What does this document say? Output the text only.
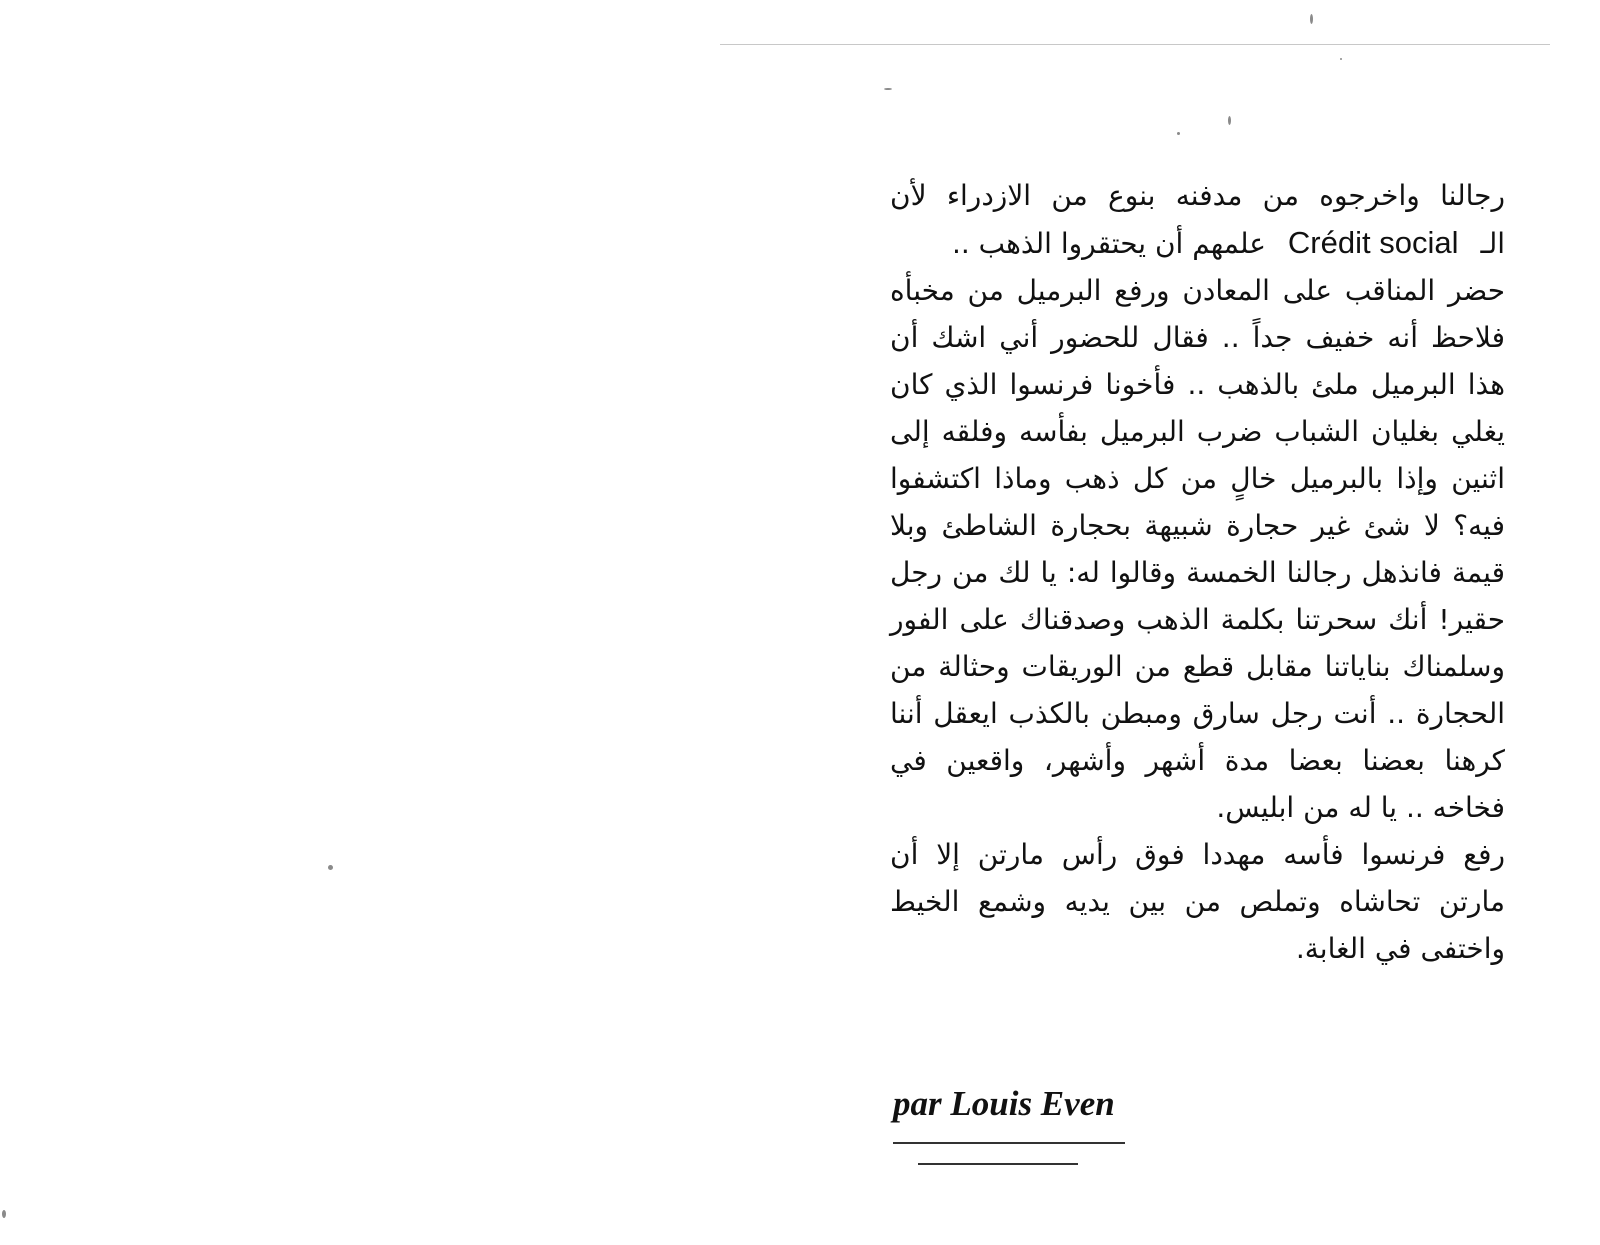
رجالنا واخرجوه من مدفنه بنوع من الازدراء لأن الـCrédit socialعلمهم أن يحتقروا الذهب ..

حضر المناقب على المعادن ورفع البرميل من مخبأه فلاحظ أنه خفيف جداً .. فقال للحضور أني اشك أن هذا البرميل ملئ بالذهب .. فأخونا فرنسوا الذي كان يغلي بغليان الشباب ضرب البرميل بفأسه وفلقه إلى اثنين وإذا بالبرميل خالٍ من كل ذهب وماذا اكتشفوا فيه؟ لا شئ غير حجارة شبيهة بحجارة الشاطئ وبلا قيمة فانذهل رجالنا الخمسة وقالوا له: يا لك من رجل حقير! أنك سحرتنا بكلمة الذهب وصدقناك على الفور وسلمناك بناياتنا مقابل قطع من الوريقات وحثالة من الحجارة .. أنت رجل سارق ومبطن بالكذب ايعقل أننا كرهنا بعضنا بعضا مدة أشهر وأشهر، واقعين في فخاخه .. يا له من ابليس.

رفع فرنسوا فأسه مهددا فوق رأس مارتن إلا أن مارتن تحاشاه وتملص من بين يديه وشمع الخيط واختفى في الغابة.

par Louis Even
